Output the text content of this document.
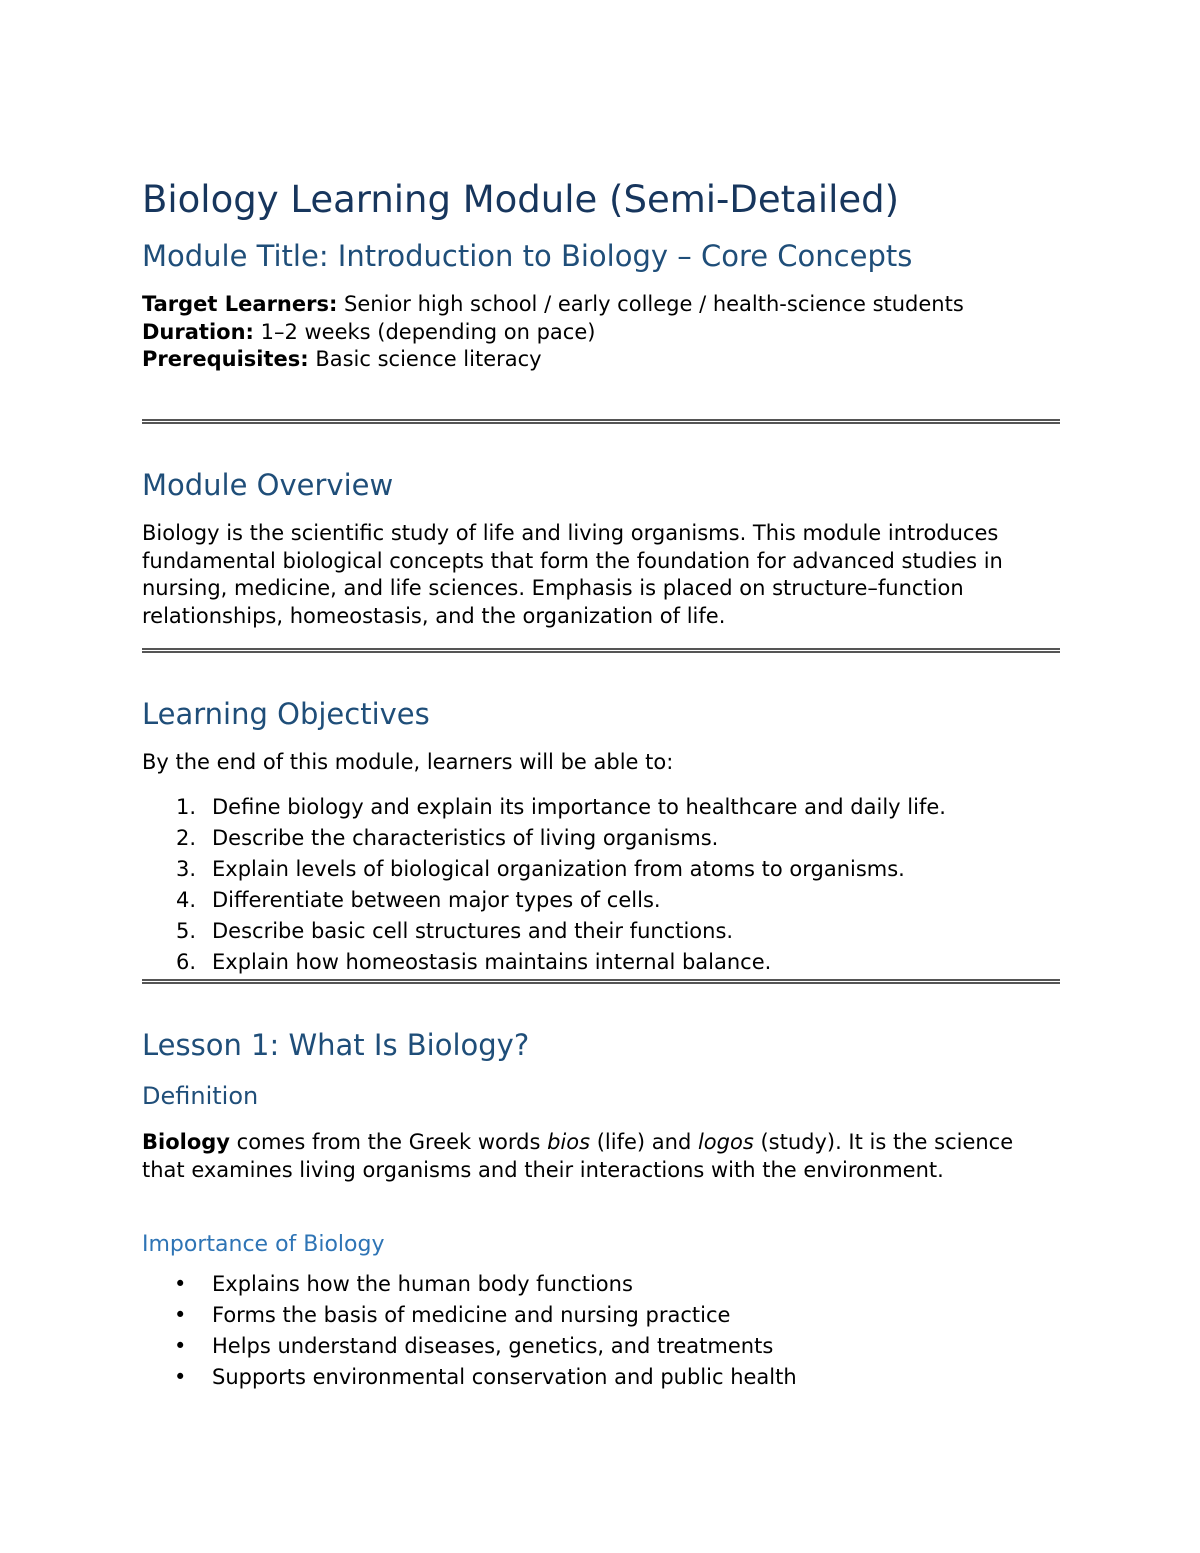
Biology Learning Module (Semi-Detailed)
Module Title: Introduction to Biology – Core Concepts

Target Learners: Senior high school / early college / health-science students

Duration: 1–2 weeks (depending on pace)

Prerequisites: Basic science literacy

Module Overview

Biology is the scientific study of life and living organisms. This module introduces fundamental biological concepts that form the foundation for advanced studies in nursing, medicine, and life sciences. Emphasis is placed on structure–function relationships, homeostasis, and the organization of life.

Learning Objectives

By the end of this module, learners will be able to:

1. Define biology and explain its importance to healthcare and daily life.
2. Describe the characteristics of living organisms.
3. Explain levels of biological organization from atoms to organisms.
4. Differentiate between major types of cells.
5. Describe basic cell structures and their functions.
6. Explain how homeostasis maintains internal balance.
Lesson 1: What Is Biology?
Definition

Biology comes from the Greek words bios (life) and logos (study). It is the science that examines living organisms and their interactions with the environment.

Importance of Biology
• Explains how the human body functions
• Forms the basis of medicine and nursing practice
• Helps understand diseases, genetics, and treatments
• Supports environmental conservation and public health
